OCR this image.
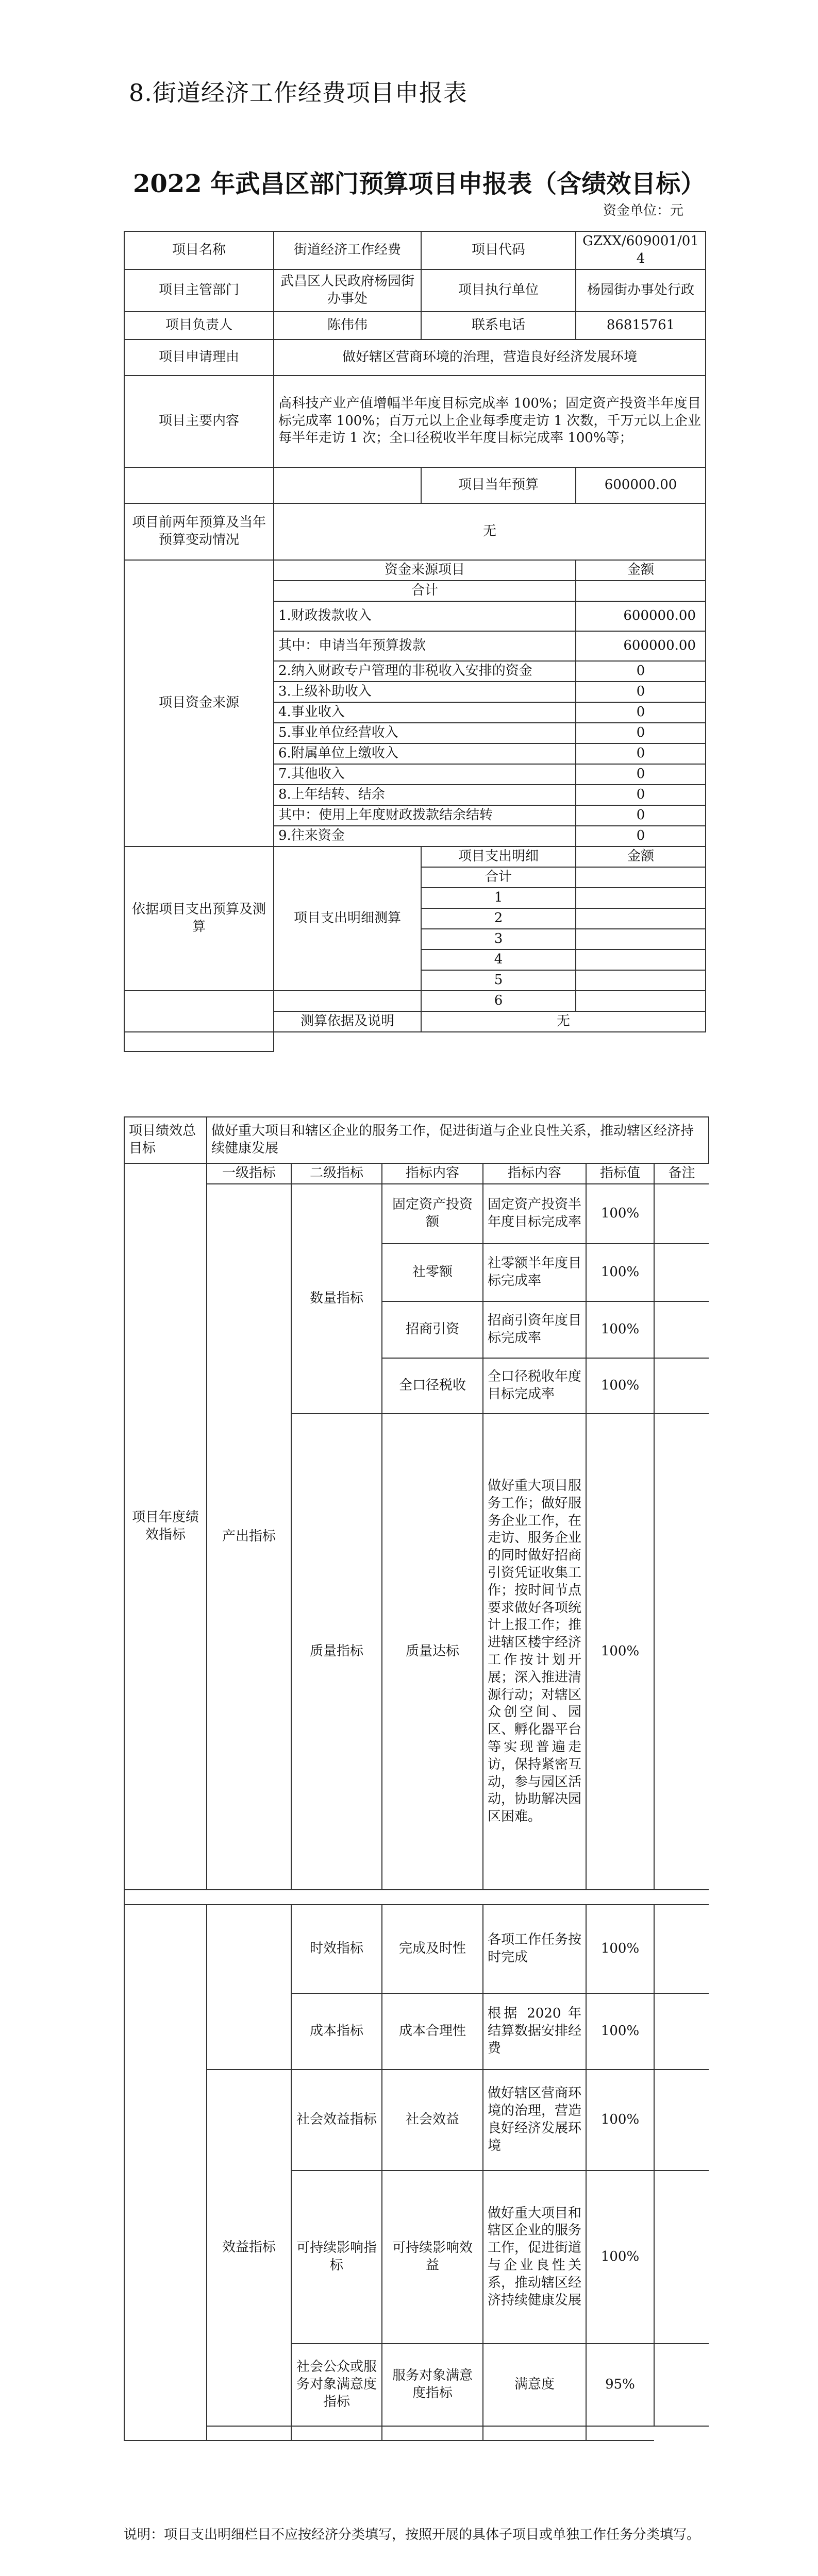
8.街道经济工作经费项目申报表
2022 年武昌区部门预算项目申报表（含绩效目标）
资金单位：元
项目名称	街道经济工作经费	项目代码	GZXX/609001/014
项目主管部门	武昌区人民政府杨园街办事处	项目执行单位	杨园街办事处行政
项目负责人	陈伟伟	联系电话	86815761
项目申请理由	做好辖区营商环境的治理，营造良好经济发展环境		
项目主要内容	高科技产业产值增幅半年度目标完成率 100%；固定资产投资半年度目标完成率 100%；百万元以上企业每季度走访 1 次数，千万元以上企业每半年走访 1 次；全口径税收半年度目标完成率 100%等；		
		项目当年预算	600000.00
项目前两年预算及当年预算变动情况	无		
项目资金来源	资金来源项目		金额
	合计		
	1.财政拨款收入		600000.00
	其中：申请当年预算拨款		600000.00
	2.纳入财政专户管理的非税收入安排的资金		0
	3.上级补助收入		0
	4.事业收入		0
	5.事业单位经营收入		0
	6.附属单位上缴收入		0
	7.其他收入		0
	8.上年结转、结余		0
	其中：使用上年度财政拨款结余结转		0
	9.往来资金		0
依据项目支出预算及测算	项目支出明细测算	项目支出明细	金额
		合计	
		1	
		2	
		3	
		4	
		5	
		6	
	测算依据及说明	无	

项目绩效总目标	做好重大项目和辖区企业的服务工作，促进街道与企业良性关系，推动辖区经济持续健康发展					
项目年度绩效指标	一级指标	二级指标	指标内容	指标内容	指标值	备注
	产出指标	数量指标	固定资产投资额	固定资产投资半年度目标完成率	100%	
			社零额	社零额半年度目标完成率	100%	
			招商引资	招商引资年度目标完成率	100%	
			全口径税收	全口径税收年度目标完成率	100%	
		质量指标	质量达标	做好重大项目服务工作；做好服务企业工作，在走访、服务企业的同时做好招商引资凭证收集工作；按时间节点要求做好各项统计上报工作；推进辖区楼宇经济工作按计划开展；深入推进清源行动；对辖区众创空间、园区、孵化器平台等实现普遍走访，保持紧密互动，参与园区活动，协助解决园区困难。	100%	
		时效指标	完成及时性	各项工作任务按时完成	100%	
		成本指标	成本合理性	根据 2020 年结算数据安排经费	100%	
	效益指标	社会效益指标	社会效益	做好辖区营商环境的治理，营造良好经济发展环境	100%	
		可持续影响指标	可持续影响效益	做好重大项目和辖区企业的服务工作，促进街道与企业良性关系，推动辖区经济持续健康发展	100%	
		社会公众或服务对象满意度指标	服务对象满意度指标	满意度	95%	

说明：项目支出明细栏目不应按经济分类填写，按照开展的具体子项目或单独工作任务分类填写。
